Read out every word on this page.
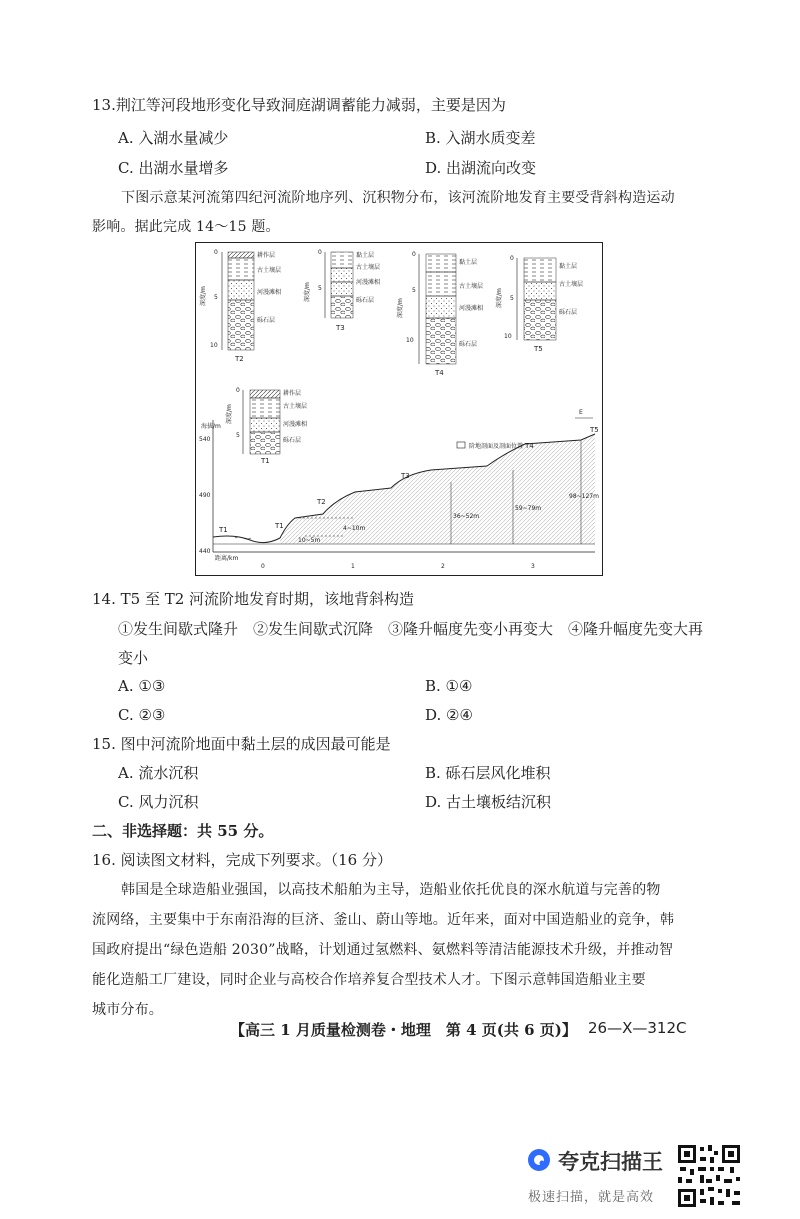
13.荆江等河段地形变化导致洞庭湖调蓄能力减弱，主要是因为
A. 入湖水量减少	B. 入湖水质变差
C. 出湖水量增多	D. 出湖流向改变
下图示意某河流第四纪河流阶地序列、沉积物分布，该河流阶地发育主要受背斜构造运动
影响。据此完成 14～15 题。
0
5
10
深度/m
耕作层
古土壤层
河漫滩相
砾石层
T2
0
5
深度/m
黏土层
古土壤层
河漫滩相
砾石层
T3
0
5
10
深度/m
黏土层
古土壤层
河漫滩相
砾石层
T4
0
5
10
深度/m
黏土层
古土壤层
砾石层
T5
0
5
深度/m
耕作层
古土壤层
河漫滩相
砾石层
T1
海拔/m
540
490
440
距离/km
0	1	2	3
T1	T1
T2
T3
T4
T5
10~5m
4~10m
36~52m
59~79m
98~127m
阶地剖面及剖面位置
E
14. T5 至 T2 河流阶地发育时期，该地背斜构造
①发生间歇式隆升　②发生间歇式沉降　③隆升幅度先变小再变大　④隆升幅度先变大再
变小
A. ①③	B. ①④
C. ②③	D. ②④
15. 图中河流阶地面中黏土层的成因最可能是
A. 流水沉积	B. 砾石层风化堆积
C. 风力沉积	D. 古土壤板结沉积
二、非选择题：共 55 分。
16. 阅读图文材料，完成下列要求。（16 分）
韩国是全球造船业强国，以高技术船舶为主导，造船业依托优良的深水航道与完善的物
流网络，主要集中于东南沿海的巨济、釜山、蔚山等地。近年来，面对中国造船业的竞争，韩
国政府提出“绿色造船 2030”战略，计划通过氢燃料、氨燃料等清洁能源技术升级，并推动智
能化造船工厂建设，同时企业与高校合作培养复合型技术人才。下图示意韩国造船业主要
城市分布。
【高三 1 月质量检测卷・地理　第 4 页(共 6 页)】 26—X—312C
夸克扫描王
极速扫描，就是高效
